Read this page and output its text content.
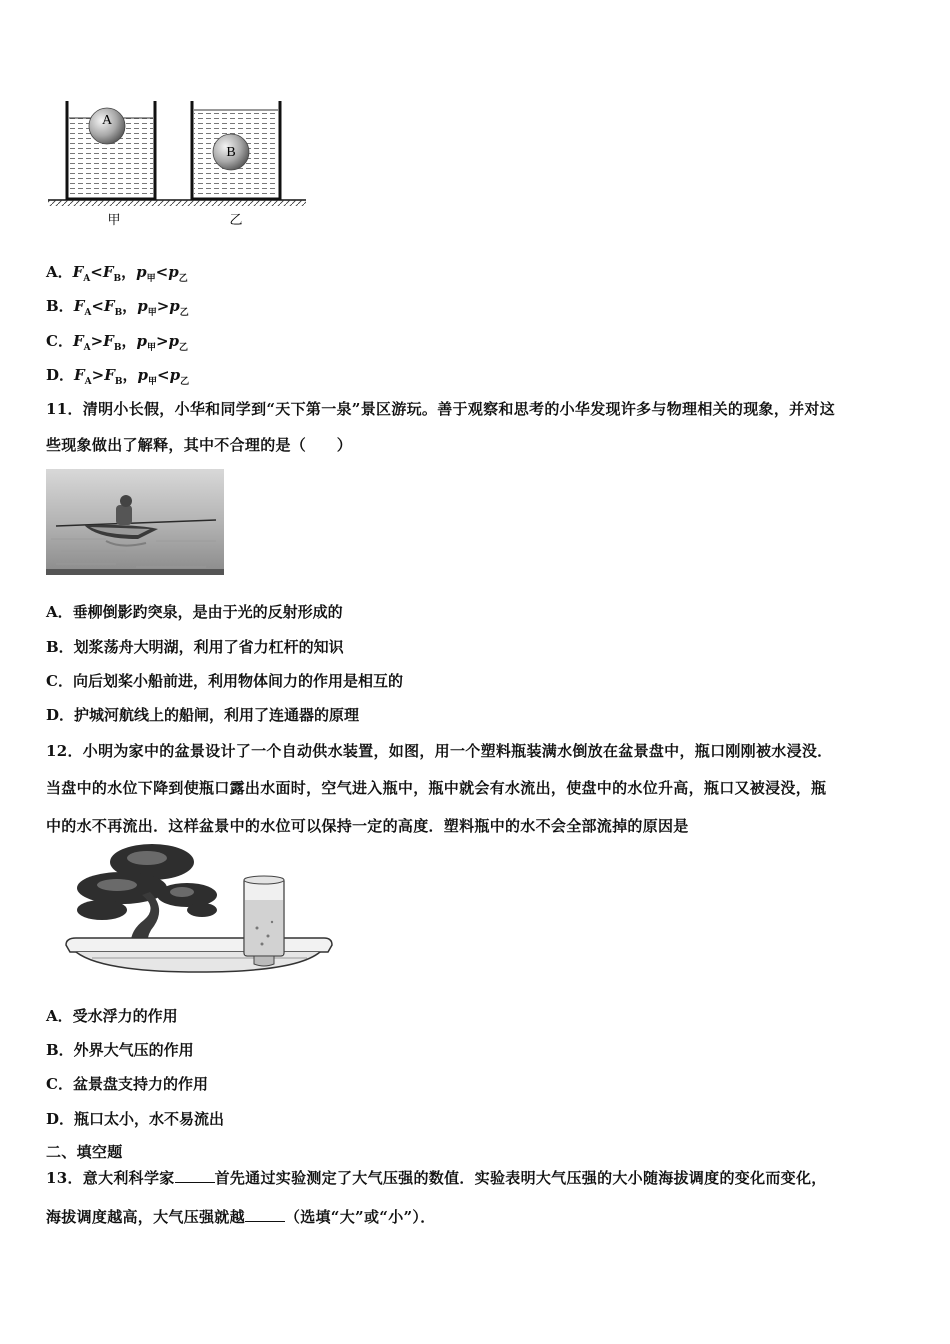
A
B
甲	乙
A．$F_A<F_B$，$p_甲<p_乙$
B．$F_A<F_B$，$p_甲>p_乙$
C．$F_A>F_B$，$p_甲>p_乙$
D．$F_A>F_B$，$p_甲<p_乙$
11．清明小长假，小华和同学到“天下第一泉”景区游玩。善于观察和思考的小华发现许多与物理相关的现象，并对这
些现象做出了解释，其中不合理的是（　　）
A．垂柳倒影趵突泉，是由于光的反射形成的
B．划浆荡舟大明湖，利用了省力杠杆的知识
C．向后划桨小船前进，利用物体间力的作用是相互的
D．护城河航线上的船闸，利用了连通器的原理
12．小明为家中的盆景设计了一个自动供水装置，如图，用一个塑料瓶装满水倒放在盆景盘中，瓶口刚刚被水浸没．
当盘中的水位下降到使瓶口露出水面时，空气进入瓶中，瓶中就会有水流出，使盘中的水位升高，瓶口又被浸没，瓶
中的水不再流出．这样盆景中的水位可以保持一定的高度．塑料瓶中的水不会全部流掉的原因是
A．受水浮力的作用
B．外界大气压的作用
C．盆景盘支持力的作用
D．瓶口太小，水不易流出
二、填空题
13．意大利科学家	首先通过实验测定了大气压强的数值．实验表明大气压强的大小随海拔调度的变化而变化，
海拔调度越高，大气压强就越	（选填“大”或“小”）．
